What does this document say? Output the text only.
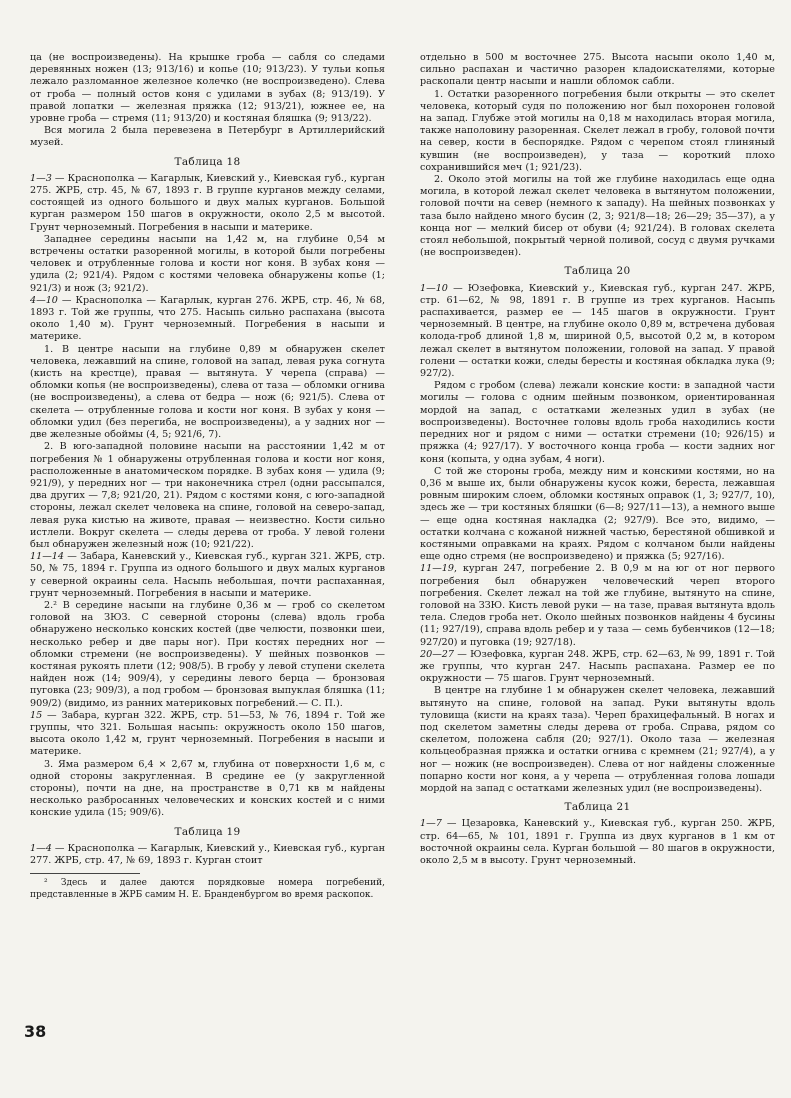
ца (не воспроизведены). На крышке гроба — сабля со следами деревянных ножен (13; 913/16) и копье (10; 913/23). У тульи копья лежало разломанное железное колечко (не воспроизведено). Слева от гроба — полный остов коня с удилами в зубах (8; 913/19). У правой лопатки — железная пряжка (12; 913/21), южнее ее, на уровне гроба — стремя (11; 913/20) и костяная бляшка (9; 913/22).

Вся могила 2 была перевезена в Петербург в Артиллерийский музей.

Таблица 18

1—3 — Краснополка — Кагарлык, Киевский у., Киевская губ., курган 275. ЖРБ, стр. 45, № 67, 1893 г. В группе курганов между селами, состоящей из одного большого и двух малых курганов. Большой курган размером 150 шагов в окружности, около 2,5 м высотой. Грунт черноземный. Погребения в насыпи и материке.

Западнее середины насыпи на 1,42 м, на глубине 0,54 м встречены остатки разоренной могилы, в которой были погребены человек и отрубленные голова и кости ног коня. В зубах коня — удила (2; 921/4). Рядом с костями человека обнаружены копье (1; 921/3) и нож (3; 921/2).

4—10 — Краснополка — Кагарлык, курган 276. ЖРБ, стр. 46, № 68, 1893 г. Той же группы, что 275. Насыпь сильно распахана (высота около 1,40 м). Грунт черноземный. Погребения в насыпи и материке.

1. В центре насыпи на глубине 0,89 м обнаружен скелет человека, лежавший на спине, головой на запад, левая рука согнута (кисть на крестце), правая — вытянута. У черепа (справа) — обломки копья (не воспроизведены), слева от таза — обломки огнива (не воспроизведены), а слева от бедра — нож (6; 921/5). Слева от скелета — отрубленные голова и кости ног коня. В зубах у коня — обломки удил (без перегиба, не воспроизведены), а у задних ног — две железные обоймы (4, 5; 921/6, 7).

2. В юго-западной половине насыпи на расстоянии 1,42 м от погребения № 1 обнаружены отрубленная голова и кости ног коня, расположенные в анатомическом порядке. В зубах коня — удила (9; 921/9), у передних ног — три наконечника стрел (одни рассыпался, два других — 7,8; 921/20, 21). Рядом с костями коня, с юго-западной стороны, лежал скелет человека на спине, головой на северо-запад, левая рука кистью на животе, правая — неизвестно. Кости сильно истлели. Вокруг скелета — следы дерева от гроба. У левой голени был обнаружен железный нож (10; 921/22).

11—14 — Забара, Каневский у., Киевская губ., курган 321. ЖРБ, стр. 50, № 75, 1894 г. Группа из одного большого и двух малых курганов у северной окраины села. Насыпь небольшая, почти распаханная, грунт черноземный. Погребения в насыпи и материке.

2.² В середине насыпи на глубине 0,36 м — гроб со скелетом головой на ЗЮЗ. С северной стороны (слева) вдоль гроба обнаружено несколько конских костей (две челюсти, позвонки шеи, несколько ребер и две пары ног). При костях передних ног — обломки стремени (не воспроизведены). У шейных позвонков — костяная рукоять плети (12; 908/5). В гробу у левой ступени скелета найден нож (14; 909/4), у середины левого берца — бронзовая пуговка (23; 909/3), а под гробом — бронзовая выпуклая бляшка (11; 909/2) (видимо, из ранних материковых погребений.— С. П.).

15 — Забара, курган 322. ЖРБ, стр. 51—53, № 76, 1894 г. Той же группы, что 321. Большая насыпь: окружность около 150 шагов, высота около 1,42 м, грунт черноземный. Погребения в насыпи и материке.

3. Яма размером 6,4 × 2,67 м, глубина от поверхности 1,6 м, с одной стороны закругленная. В средине ее (у закругленной стороны), почти на дне, на пространстве в 0,71 кв м найдены несколько разбросанных человеческих и конских костей и с ними конские удила (15; 909/6).

Таблица 19

1—4 — Краснополка — Кагарлык, Киевский у., Киевская губ., курган 277. ЖРБ, стр. 47, № 69, 1893 г. Курган стоит

² Здесь и далее даются порядковые номера погребений, представленные в ЖРБ самим Н. Е. Бранденбургом во время раскопок.

отдельно в 500 м восточнее 275. Высота насыпи около 1,40 м, сильно распахан и частично разорен кладоискателями, которые раскопали центр насыпи и нашли обломок сабли.

1. Остатки разоренного погребения были открыты — это скелет человека, который судя по положению ног был похоронен головой на запад. Глубже этой могилы на 0,18 м находилась вторая могила, также наполовину разоренная. Скелет лежал в гробу, головой почти на север, кости в беспорядке. Рядом с черепом стоял глиняный кувшин (не воспроизведен), у таза — короткий плохо сохранившийся меч (1; 921/23).

2. Около этой могилы на той же глубине находилась еще одна могила, в которой лежал скелет человека в вытянутом положении, головой почти на север (немного к западу). На шейных позвонках у таза было найдено много бусин (2, 3; 921/8—18; 26—29; 35—37), а у конца ног — мелкий бисер от обуви (4; 921/24). В головах скелета стоял небольшой, покрытый черной поливой, сосуд с двумя ручками (не воспроизведен).

Таблица 20

1—10 — Юзефовка, Киевский у., Киевская губ., курган 247. ЖРБ, стр. 61—62, № 98, 1891 г. В группе из трех курганов. Насыпь распахивается, размер ее — 145 шагов в окружности. Грунт черноземный. В центре, на глубине около 0,89 м, встречена дубовая колода-гроб длиной 1,8 м, шириной 0,5, высотой 0,2 м, в котором лежал скелет в вытянутом положении, головой на запад. У правой голени — остатки кожи, следы бересты и костяная обкладка лука (9; 927/2).

Рядом с гробом (слева) лежали конские кости: в западной части могилы — голова с одним шейным позвонком, ориентированная мордой на запад, с остатками железных удил в зубах (не воспроизведены). Восточнее головы вдоль гроба находились кости передних ног и рядом с ними — остатки стремени (10; 926/15) и пряжка (4; 927/17). У восточного конца гроба — кости задних ног коня (копыта, у одна зубам, 4 ноги).

С той же стороны гроба, между ним и конскими костями, но на 0,36 м выше их, были обнаружены кусок кожи, береста, лежавшая ровным широким слоем, обломки костяных оправок (1, 3; 927/7, 10), здесь же — три костяных бляшки (6—8; 927/11—13), а немного выше — еще одна костяная накладка (2; 927/9). Все это, видимо, — остатки колчана с кожаной нижней частью, берестяной обшивкой и костяными оправками на краях. Рядом с колчаном были найдены еще одно стремя (не воспроизведено) и пряжка (5; 927/16).

11—19, курган 247, погребение 2. В 0,9 м на юг от ног первого погребения был обнаружен человеческий череп второго погребения. Скелет лежал на той же глубине, вытянуто на спине, головой на ЗЗЮ. Кисть левой руки — на тазе, правая вытянута вдоль тела. Следов гроба нет. Около шейных позвонков найдены 4 бусины (11; 927/19), справа вдоль ребер и у таза — семь бубенчиков (12—18; 927/20) и пуговка (19; 927/18).

20—27 — Юзефовка, курган 248. ЖРБ, стр. 62—63, № 99, 1891 г. Той же группы, что курган 247. Насыпь распахана. Размер ее по окружности — 75 шагов. Грунт черноземный.

В центре на глубине 1 м обнаружен скелет человека, лежавший вытянуто на спине, головой на запад. Руки вытянуты вдоль туловища (кисти на краях таза). Череп брахицефальный. В ногах и под скелетом заметны следы дерева от гроба. Справа, рядом со скелетом, положена сабля (20; 927/1). Около таза — железная кольцеобразная пряжка и остатки огнива с кремнем (21; 927/4), а у ног — ножик (не воспроизведен). Слева от ног найдены сложенные попарно кости ног коня, а у черепа — отрубленная голова лошади мордой на запад с остатками железных удил (не воспроизведены).

Таблица 21

1—7 — Цезаровка, Каневский у., Киевская губ., курган 250. ЖРБ, стр. 64—65, № 101, 1891 г. Группа из двух курганов в 1 км от восточной окраины села. Курган большой — 80 шагов в окружности, около 2,5 м в высоту. Грунт черноземный.

38
